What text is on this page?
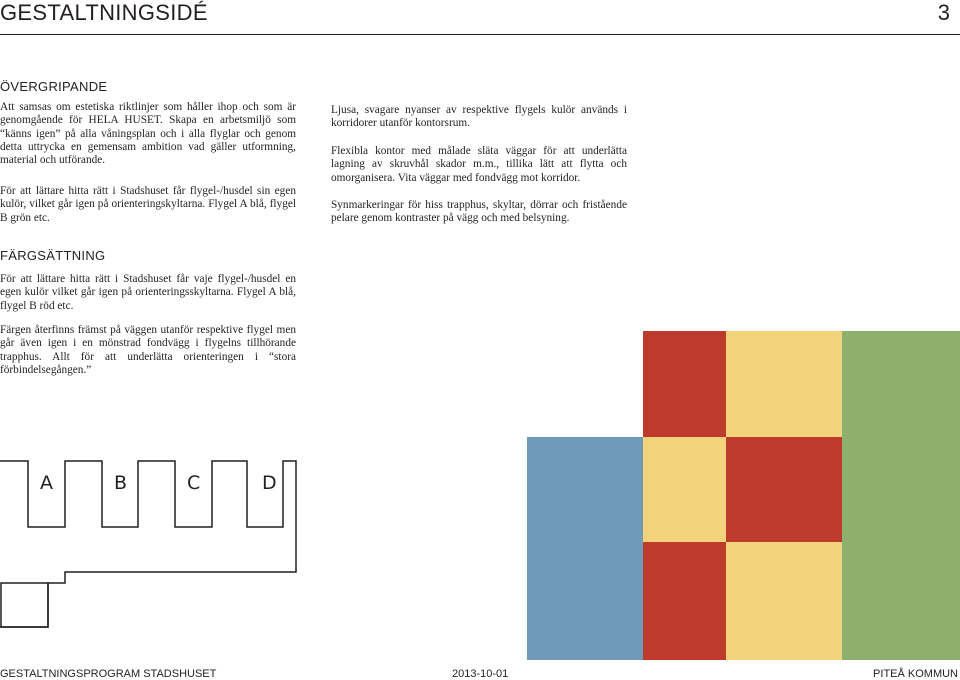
GESTALTNINGSIDÉ	3
ÖVERGRIPANDE

Att samsas om estetiska riktlinjer som håller ihop och som är genomgående för HELA HUSET. Skapa en arbetsmiljö som “känns igen” på alla våningsplan och i alla flyglar och genom detta uttrycka en gemensam ambition vad gäller utformning, material och utförande.

För att lättare hitta rätt i Stadshuset får flygel-/husdel sin egen kulör, vilket går igen på orienteringskyltarna. Flygel A blå, flygel B grön etc.

Ljusa, svagare nyanser av respektive flygels kulör används i korridorer utanför kontorsrum.

Flexibla kontor med målade släta väggar för att underlätta lagning av skruvhål skador m.m., tillika lätt att flytta och omorganisera. Vita väggar med fondvägg mot korridor.

Synmarkeringar för hiss trapphus, skyltar, dörrar och fristående pelare genom kontraster på vägg och med belsyning.

FÄRGSÄTTNING

För att lättare hitta rätt i Stadshuset får vaje flygel-/husdel en egen kulör vilket går igen på orienteringsskyltarna. Flygel A blå, flygel B röd etc.

Färgen återfinns främst på väggen utanför respektive flygel men går även igen i en mönstrad fondvägg i flygelns tillhörande trapphus. Allt för att underlätta orienteringen i “stora förbindelsegången.”

A	B	C	D
GESTALTNINGSPROGRAM STADSHUSET	2013-10-01	PITEÅ KOMMUN
